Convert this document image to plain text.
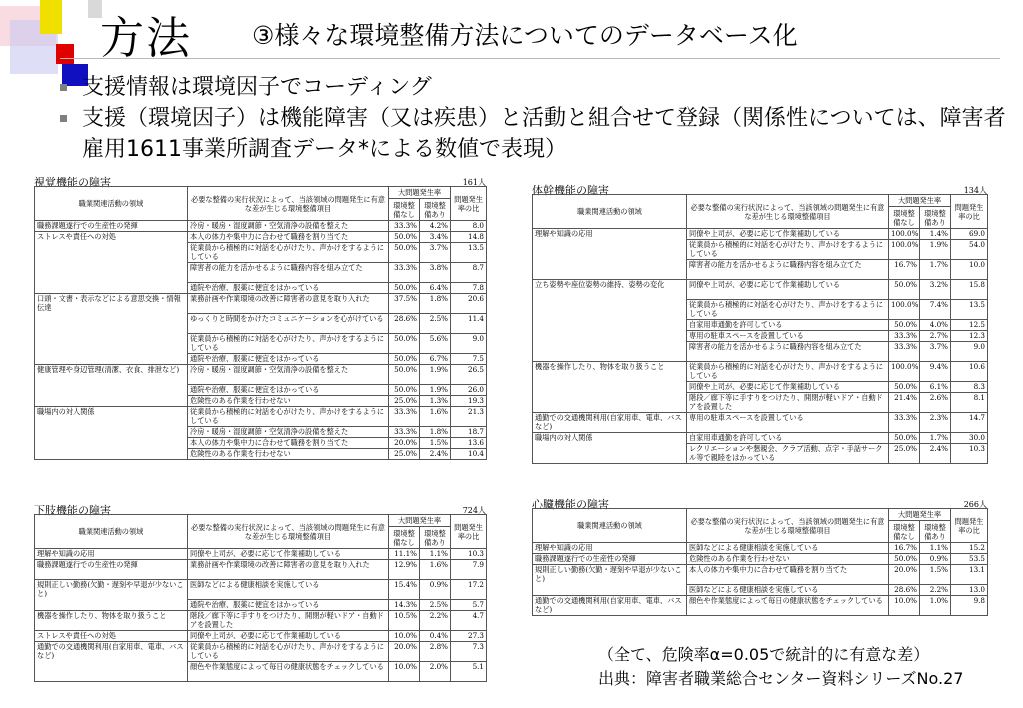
方法 ③様々な環境整備方法についてのデータベース化
支援情報は環境因子でコーディング
支援（環境因子）は機能障害（又は疾患）と活動と組合せて登録（関係性については、障害者雇用1611事業所調査データ*による数値で表現）
視覚機能の障害	161人
職業関連活動の領域	必要な整備の実行状況によって、当該領域の問題発生に有意な差が生じる環境整備項目	大問題発生率		問題発生率の比
		環境整備なし	環境整備あり	
職務課題遂行での生産性の発揮	冷房・暖房・湿度調節・空気清浄の設備を整えた	33.3%	4.2%	8.0
ストレスや責任への対処	本人の体力や集中力に合わせて職務を割り当てた	50.0%	3.4%	14.8
	従業員から積極的に対話を心がけたり、声かけをするようにしている	50.0%	3.7%	13.5
	障害者の能力を活かせるように職務内容を組み立てた	33.3%	3.8%	8.7
	通院や治療、服薬に便宜をはかっている	50.0%	6.4%	7.8
口頭・文書・表示などによる意思交換・情報伝達	業務計画や作業環境の改善に障害者の意見を取り入れた	37.5%	1.8%	20.6
	ゆっくりと時間をかけたコミュニケーションを心がけている	28.6%	2.5%	11.4
	従業員から積極的に対話を心がけたり、声かけをするようにしている	50.0%	5.6%	9.0
	通院や治療、服薬に便宜をはかっている	50.0%	6.7%	7.5
健康管理や身辺管理(清潔、衣食、排泄など)	冷房・暖房・湿度調節・空気清浄の設備を整えた	50.0%	1.9%	26.5
	通院や治療、服薬に便宜をはかっている	50.0%	1.9%	26.0
	危険性のある作業を行わせない	25.0%	1.3%	19.3
職場内の対人関係	従業員から積極的に対話を心がけたり、声かけをするようにしている	33.3%	1.6%	21.3
	冷房・暖房・湿度調節・空気清浄の設備を整えた	33.3%	1.8%	18.7
	本人の体力や集中力に合わせて職務を割り当てた	20.0%	1.5%	13.6
	危険性のある作業を行わせない	25.0%	2.4%	10.4
体幹機能の障害	134人
職業関連活動の領域	必要な整備の実行状況によって、当該領域の問題発生に有意な差が生じる環境整備項目	大問題発生率		問題発生率の比
		環境整備なし	環境整備あり	
理解や知識の応用	同僚や上司が、必要に応じて作業補助している	100.0%	1.4%	69.0
	従業員から積極的に対話を心がけたり、声かけをするようにしている	100.0%	1.9%	54.0
	障害者の能力を活かせるように職務内容を組み立てた	16.7%	1.7%	10.0
立ち姿勢や座位姿勢の維持、姿勢の変化	同僚や上司が、必要に応じて作業補助している	50.0%	3.2%	15.8
	従業員から積極的に対話を心がけたり、声かけをするようにしている	100.0%	7.4%	13.5
	自家用車通勤を許可している	50.0%	4.0%	12.5
	専用の駐車スペースを設置している	33.3%	2.7%	12.3
	障害者の能力を活かせるように職務内容を組み立てた	33.3%	3.7%	9.0
機器を操作したり、物体を取り扱うこと	従業員から積極的に対話を心がけたり、声かけをするようにしている	100.0%	9.4%	10.6
	同僚や上司が、必要に応じて作業補助している	50.0%	6.1%	8.3
	階段／廊下等に手すりをつけたり、開閉が軽いドア・自動ドアを設置した	21.4%	2.6%	8.1
通勤での交通機関利用(自家用車、電車、バスなど)	専用の駐車スペースを設置している	33.3%	2.3%	14.7
職場内の対人関係	自家用車通勤を許可している	50.0%	1.7%	30.0
	レクリエーションや懇親会、クラブ活動、点字・手話サークル等で親睦をはかっている	25.0%	2.4%	10.3
下肢機能の障害	724人
職業関連活動の領域	必要な整備の実行状況によって、当該領域の問題発生に有意な差が生じる環境整備項目	大問題発生率		問題発生率の比
		環境整備なし	環境整備あり	
理解や知識の応用	同僚や上司が、必要に応じて作業補助している	11.1%	1.1%	10.3
職務課題遂行での生産性の発揮	業務計画や作業環境の改善に障害者の意見を取り入れた	12.9%	1.6%	7.9
規則正しい勤務(欠勤・遅刻や早退が少ないこと)	医師などによる健康相談を実施している	15.4%	0.9%	17.2
	通院や治療、服薬に便宜をはかっている	14.3%	2.5%	5.7
機器を操作したり、物体を取り扱うこと	階段／廊下等に手すりをつけたり、開閉が軽いドア・自動ドアを設置した	10.5%	2.2%	4.7
ストレスや責任への対処	同僚や上司が、必要に応じて作業補助している	10.0%	0.4%	27.3
通勤での交通機関利用(自家用車、電車、バスなど)	従業員から積極的に対話を心がけたり、声かけをするようにしている	20.0%	2.8%	7.3
	顔色や作業態度によって毎日の健康状態をチェックしている	10.0%	2.0%	5.1
心臓機能の障害	266人
職業関連活動の領域	必要な整備の実行状況によって、当該領域の問題発生に有意な差が生じる環境整備項目	大問題発生率		問題発生率の比
		環境整備なし	環境整備あり	
理解や知識の応用	医師などによる健康相談を実施している	16.7%	1.1%	15.2
職務課題遂行での生産性の発揮	危険性のある作業を行わせない	50.0%	0.9%	53.5
規則正しい勤務(欠勤・遅刻や早退が少ないこと)	本人の体力や集中力に合わせて職務を割り当てた	20.0%	1.5%	13.1
	医師などによる健康相談を実施している	28.6%	2.2%	13.0
通勤での交通機関利用(自家用車、電車、バスなど)	顔色や作業態度によって毎日の健康状態をチェックしている	10.0%	1.0%	9.8
（全て、危険率α=0.05で統計的に有意な差）
出典：障害者職業総合センター資料シリーズNo.27
